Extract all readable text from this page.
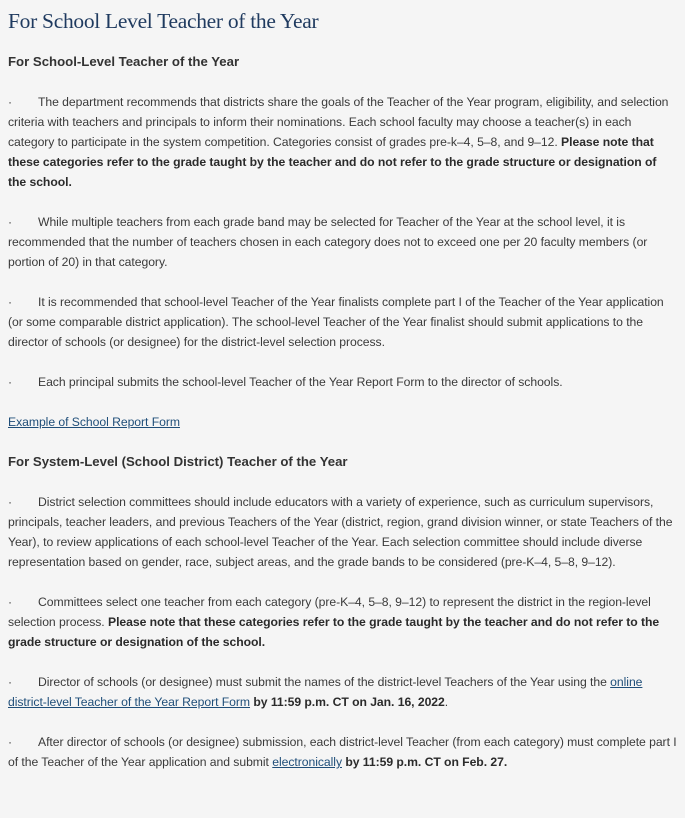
For School Level Teacher of the Year
For School-Level Teacher of the Year

· The department recommends that districts share the goals of the Teacher of the Year program, eligibility, and selection criteria with teachers and principals to inform their nominations. Each school faculty may choose a teacher(s) in each category to participate in the system competition. Categories consist of grades pre-k–4, 5–8, and 9–12. Please note that these categories refer to the grade taught by the teacher and do not refer to the grade structure or designation of the school.

· While multiple teachers from each grade band may be selected for Teacher of the Year at the school level, it is recommended that the number of teachers chosen in each category does not to exceed one per 20 faculty members (or portion of 20) in that category.

· It is recommended that school-level Teacher of the Year finalists complete part I of the Teacher of the Year application (or some comparable district application). The school-level Teacher of the Year finalist should submit applications to the director of schools (or designee) for the district-level selection process.

· Each principal submits the school-level Teacher of the Year Report Form to the director of schools.

Example of School Report Form

For System-Level (School District) Teacher of the Year

· District selection committees should include educators with a variety of experience, such as curriculum supervisors, principals, teacher leaders, and previous Teachers of the Year (district, region, grand division winner, or state Teachers of the Year), to review applications of each school-level Teacher of the Year. Each selection committee should include diverse representation based on gender, race, subject areas, and the grade bands to be considered (pre-K–4, 5–8, 9–12).

· Committees select one teacher from each category (pre-K–4, 5–8, 9–12) to represent the district in the region-level selection process. Please note that these categories refer to the grade taught by the teacher and do not refer to the grade structure or designation of the school.

· Director of schools (or designee) must submit the names of the district-level Teachers of the Year using the online district-level Teacher of the Year Report Form by 11:59 p.m. CT on Jan. 16, 2022.

· After director of schools (or designee) submission, each district-level Teacher (from each category) must complete part I of the Teacher of the Year application and submit electronically by 11:59 p.m. CT on Feb. 27.
